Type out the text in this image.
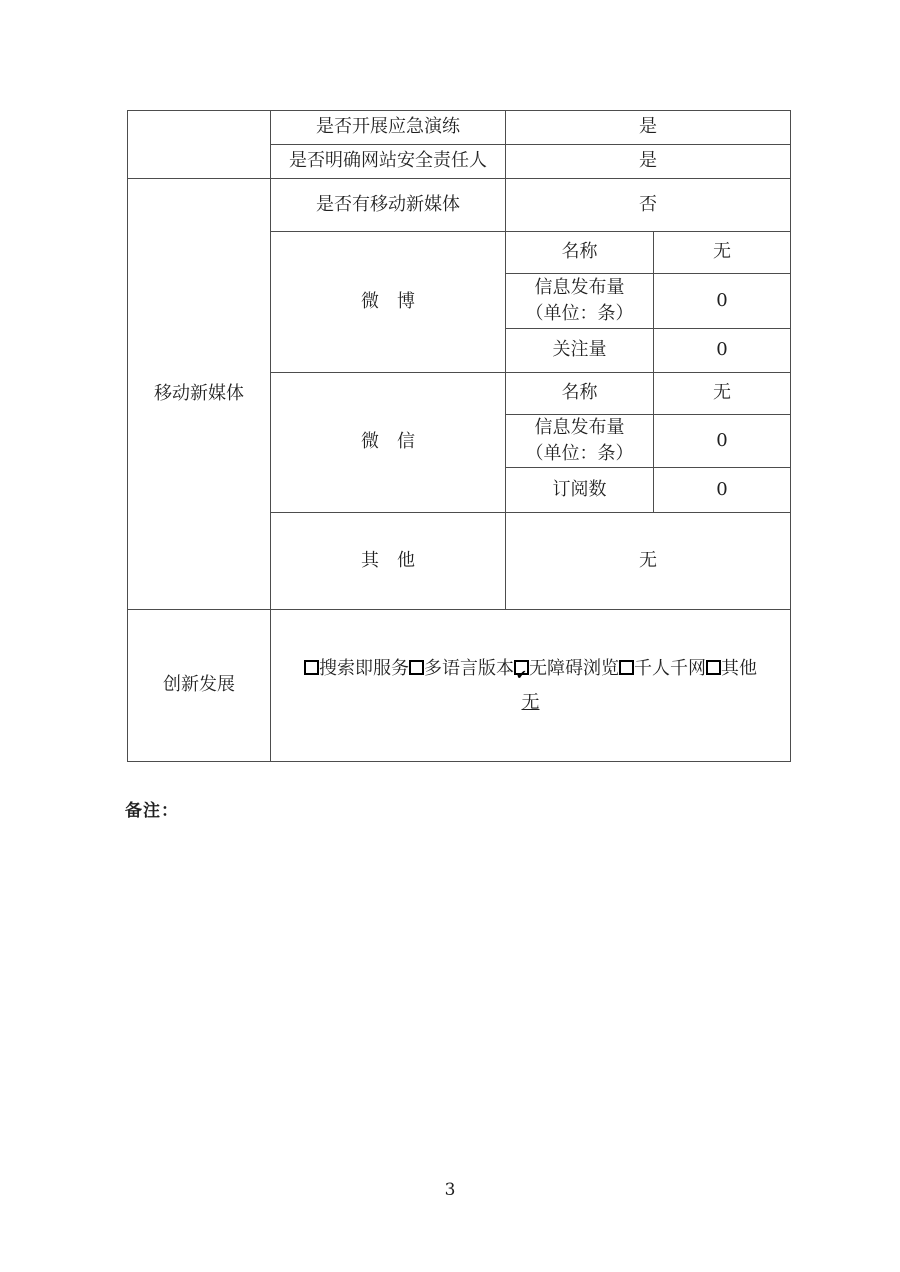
	是否开展应急演练	是	
	是否明确网站安全责任人	是	
移动新媒体	是否有移动新媒体	否	
	微　博	名称	无

		信息发布量
（单位：条）	0
		关注量	0
	微　信	名称	无

		信息发布量
（单位：条）	0
		订阅数	0
	其　他	无	
创新发展	搜索即服务 多语言版本 ✔ 无障碍浏览 千人千网 其他
无
备注：
3
